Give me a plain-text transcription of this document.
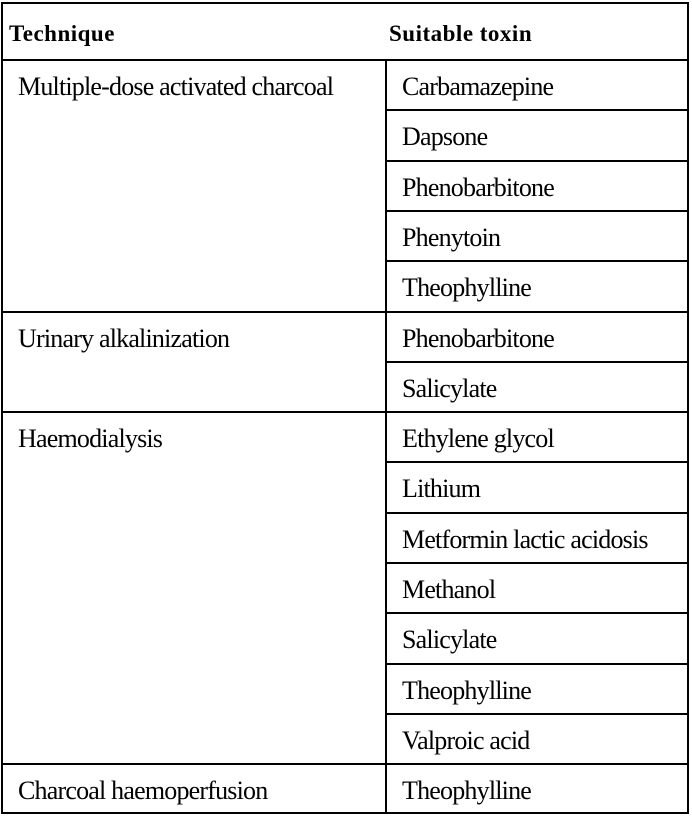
Technique	Suitable toxin
Multiple-dose activated charcoal	Carbamazepine
Dapsone
Phenobarbitone
Phenytoin
Theophylline
Urinary alkalinization	Phenobarbitone
Salicylate
Haemodialysis	Ethylene glycol
Lithium
Metformin lactic acidosis
Methanol
Salicylate
Theophylline
Valproic acid
Charcoal haemoperfusion	Theophylline
